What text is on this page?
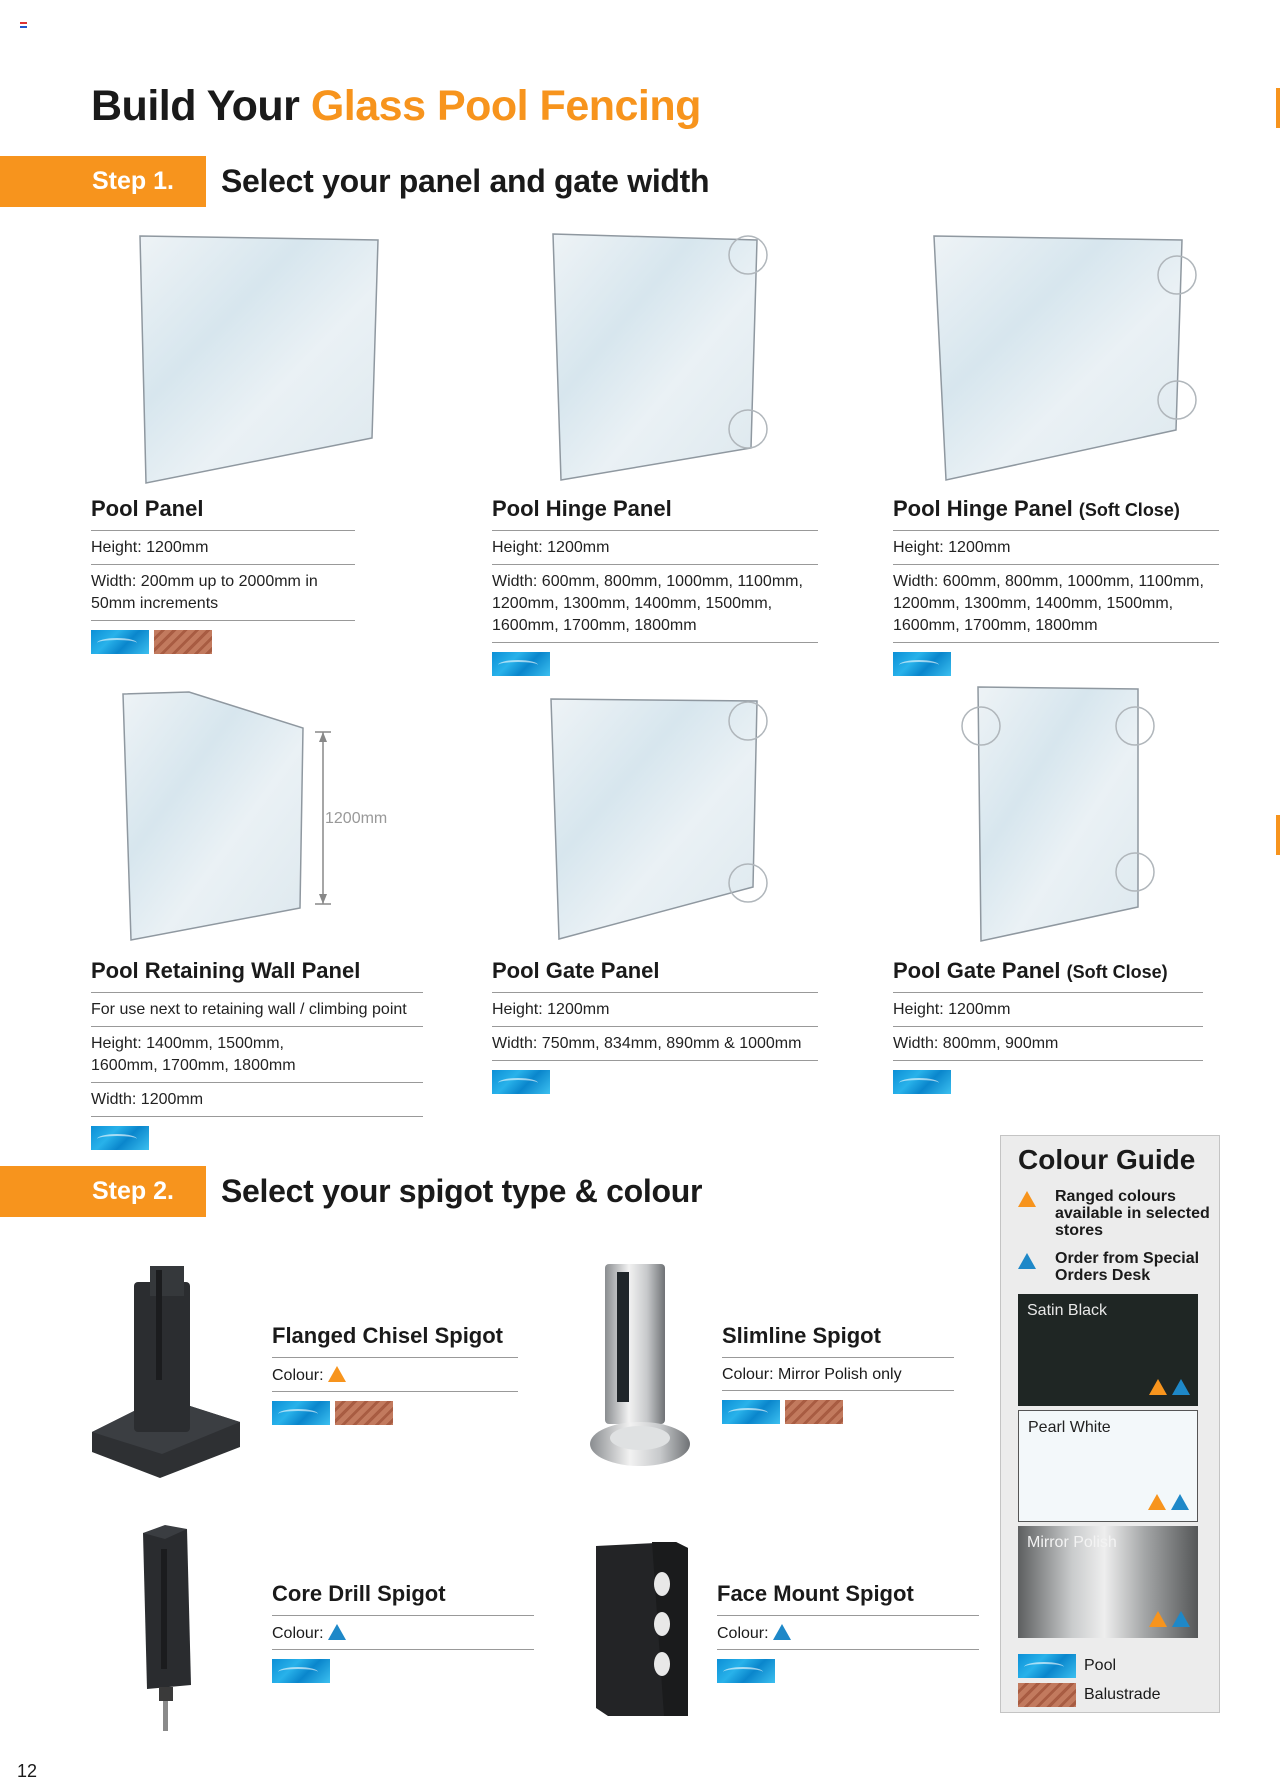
Build Your Glass Pool Fencing
Step 1.	Select your panel and gate width
1200mm
Pool Panel
Height: 1200mm
Width: 200mm up to 2000mm in 50mm increments
Pool Hinge Panel
Height: 1200mm
Width: 600mm, 800mm, 1000mm, 1100mm, 1200mm, 1300mm, 1400mm, 1500mm, 1600mm, 1700mm, 1800mm
Pool Hinge Panel (Soft Close)
Height: 1200mm
Width: 600mm, 800mm, 1000mm, 1100mm, 1200mm, 1300mm, 1400mm, 1500mm, 1600mm, 1700mm, 1800mm
Pool Retaining Wall Panel
For use next to retaining wall / climbing point
Height: 1400mm, 1500mm, 1600mm, 1700mm, 1800mm
Width: 1200mm
Pool Gate Panel
Height: 1200mm
Width: 750mm, 834mm, 890mm & 1000mm
Pool Gate Panel (Soft Close)
Height: 1200mm
Width: 800mm, 900mm
Step 2.	Select your spigot type & colour
Flanged Chisel Spigot
Colour:
Slimline Spigot
Colour: Mirror Polish only
Core Drill Spigot
Colour:
Face Mount Spigot
Colour:
Colour Guide
Ranged colours available in selected stores
Order from Special Orders Desk
Satin Black
Pearl White
Mirror Polish
Pool
Balustrade
12
